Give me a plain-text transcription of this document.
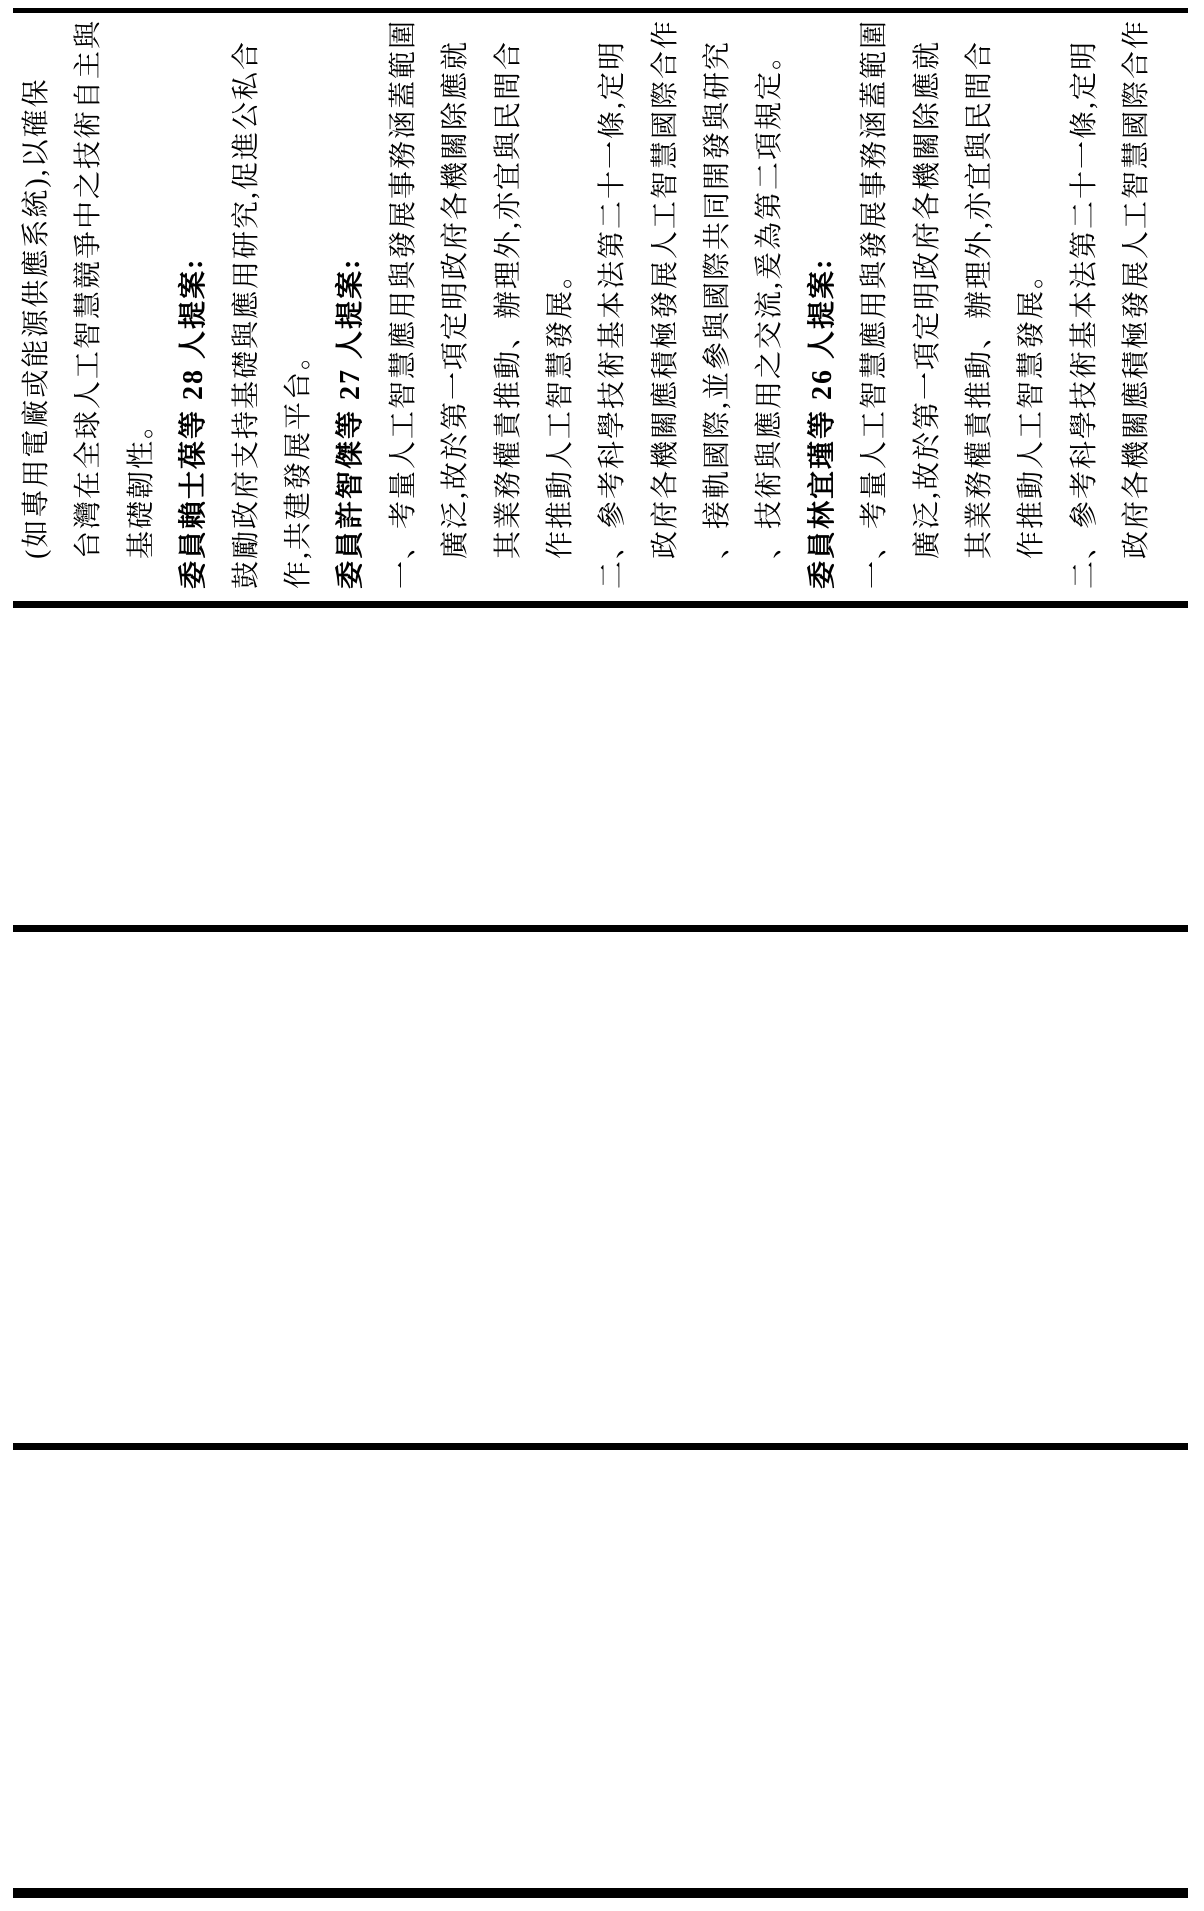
(如專用電廠或能源供應系統),以確保 台灣在全球人工智慧競爭中之技術自主與 基礎韌性。 委員賴士葆等 28 人提案: 鼓勵政府支持基礎與應用研究,促進公私合 作,共建發展平台。 委員許智傑等 27 人提案: 一、考量人工智慧應用與發展事務涵蓋範圍 廣泛,故於第一項定明政府各機關除應就 其業務權責推動、辦理外,亦宜與民間合 作推動人工智慧發展。 二、參考科學技術基本法第二十一條,定明 政府各機關應積極發展人工智慧國際合作 、接軌國際,並參與國際共同開發與研究 、技術與應用之交流,爰為第二項規定。 委員林宜瑾等 26 人提案: 一、考量人工智慧應用與發展事務涵蓋範圍 廣泛,故於第一項定明政府各機關除應就 其業務權責推動、辦理外,亦宜與民間合 作推動人工智慧發展。 二、參考科學技術基本法第二十一條,定明 政府各機關應積極發展人工智慧國際合作
